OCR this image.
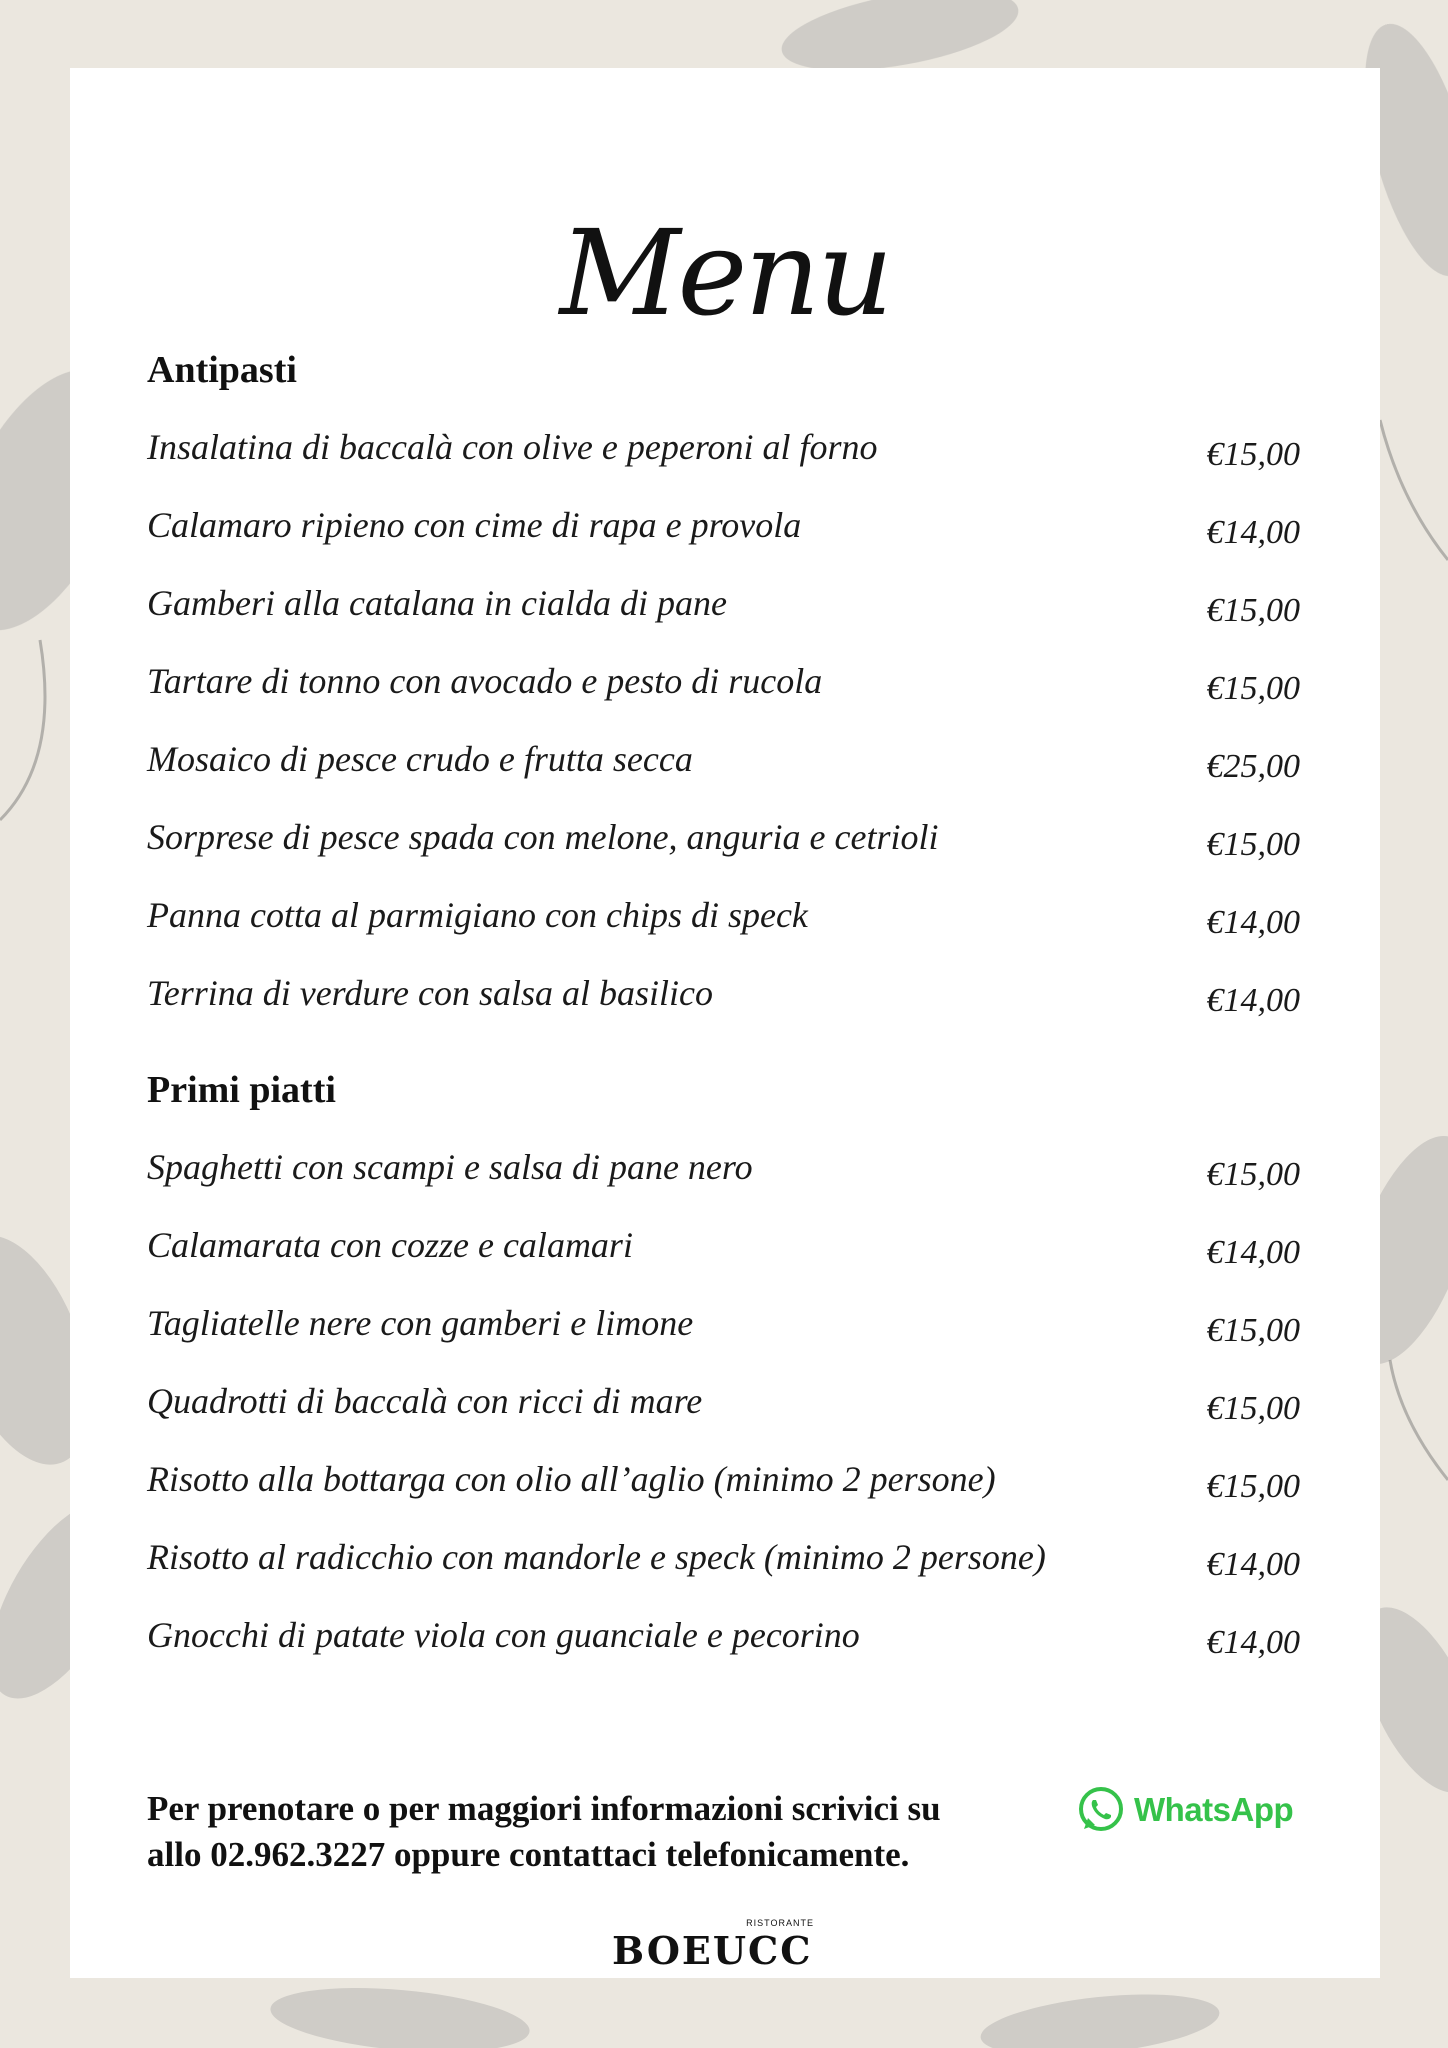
Menu
Antipasti
Insalatina di baccalà con olive e peperoni al forno	€15,00
Calamaro ripieno con cime di rapa e provola	€14,00
Gamberi alla catalana in cialda di pane	€15,00
Tartare di tonno con avocado e pesto di rucola	€15,00
Mosaico di pesce crudo e frutta secca	€25,00
Sorprese di pesce spada con melone, anguria e cetrioli	€15,00
Panna cotta al parmigiano con chips di speck	€14,00
Terrina di verdure con salsa al basilico	€14,00
Primi piatti
Spaghetti con scampi e salsa di pane nero	€15,00
Calamarata con cozze e calamari	€14,00
Tagliatelle nere con gamberi e limone	€15,00
Quadrotti di baccalà con ricci di mare	€15,00
Risotto alla bottarga con olio all’aglio (minimo 2 persone)	€15,00
Risotto al radicchio con mandorle e speck (minimo 2 persone)	€14,00
Gnocchi di patate viola con guanciale e pecorino	€14,00
Per prenotare o per maggiori informazioni scrivici su
allo 02.962.3227 oppure contattaci telefonicamente.
WhatsApp
RISTORANTE
BOEUCC
